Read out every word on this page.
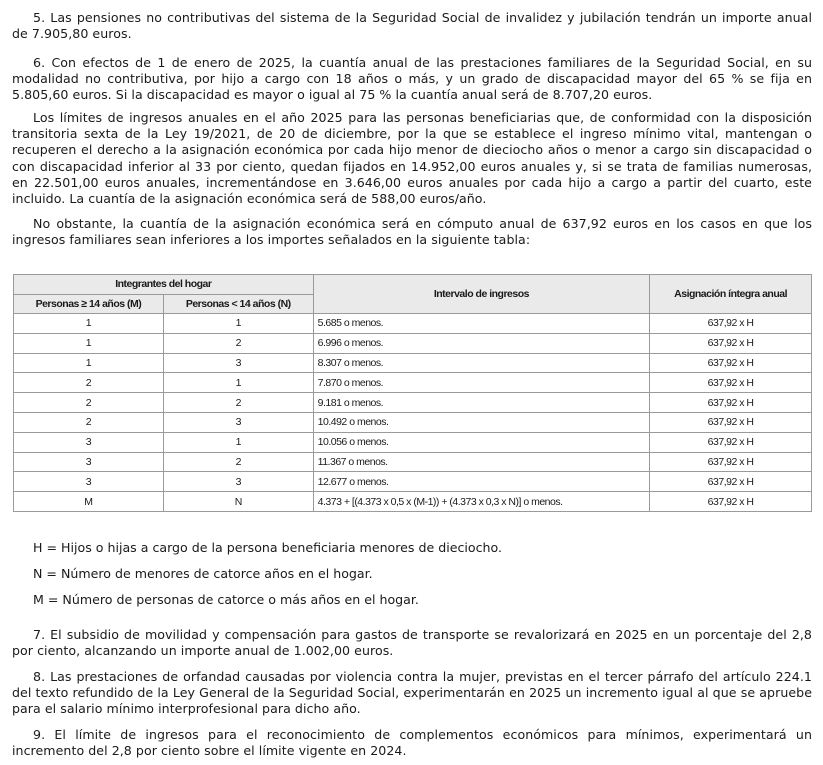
5. Las pensiones no contributivas del sistema de la Seguridad Social de invalidez y jubilación tendrán un importe anual de 7.905,80 euros.

6. Con efectos de 1 de enero de 2025, la cuantía anual de las prestaciones familiares de la Seguridad Social, en su modalidad no contributiva, por hijo a cargo con 18 años o más, y un grado de discapacidad mayor del 65 % se fija en 5.805,60 euros. Si la discapacidad es mayor o igual al 75 % la cuantía anual será de 8.707,20 euros.

Los límites de ingresos anuales en el año 2025 para las personas beneficiarias que, de conformidad con la disposición transitoria sexta de la Ley 19/2021, de 20 de diciembre, por la que se establece el ingreso mínimo vital, mantengan o recuperen el derecho a la asignación económica por cada hijo menor de dieciocho años o menor a cargo sin discapacidad o con discapacidad inferior al 33 por ciento, quedan fijados en 14.952,00 euros anuales y, si se trata de familias numerosas, en 22.501,00 euros anuales, incrementándose en 3.646,00 euros anuales por cada hijo a cargo a partir del cuarto, este incluido. La cuantía de la asignación económica será de 588,00 euros/año.

No obstante, la cuantía de la asignación económica será en cómputo anual de 637,92 euros en los casos en que los ingresos familiares sean inferiores a los importes señalados en la siguiente tabla:

Integrantes del hogar		Intervalo de ingresos	Asignación íntegra anual
Personas ≥ 14 años (M)	Personas < 14 años (N)		
1	1	5.685 o menos.	637,92 x H
1	2	6.996 o menos.	637,92 x H
1	3	8.307 o menos.	637,92 x H
2	1	7.870 o menos.	637,92 x H
2	2	9.181 o menos.	637,92 x H
2	3	10.492 o menos.	637,92 x H
3	1	10.056 o menos.	637,92 x H
3	2	11.367 o menos.	637,92 x H
3	3	12.677 o menos.	637,92 x H
M	N	4.373 + [(4.373 x 0,5 x (M-1)) + (4.373 x 0,3 x N)] o menos.	637,92 x H

H = Hijos o hijas a cargo de la persona beneficiaria menores de dieciocho.

N = Número de menores de catorce años en el hogar.

M = Número de personas de catorce o más años en el hogar.

7. El subsidio de movilidad y compensación para gastos de transporte se revalorizará en 2025 en un porcentaje del 2,8 por ciento, alcanzando un importe anual de 1.002,00 euros.

8. Las prestaciones de orfandad causadas por violencia contra la mujer, previstas en el tercer párrafo del artículo 224.1 del texto refundido de la Ley General de la Seguridad Social, experimentarán en 2025 un incremento igual al que se apruebe para el salario mínimo interprofesional para dicho año.

9. El límite de ingresos para el reconocimiento de complementos económicos para mínimos, experimentará un incremento del 2,8 por ciento sobre el límite vigente en 2024.
